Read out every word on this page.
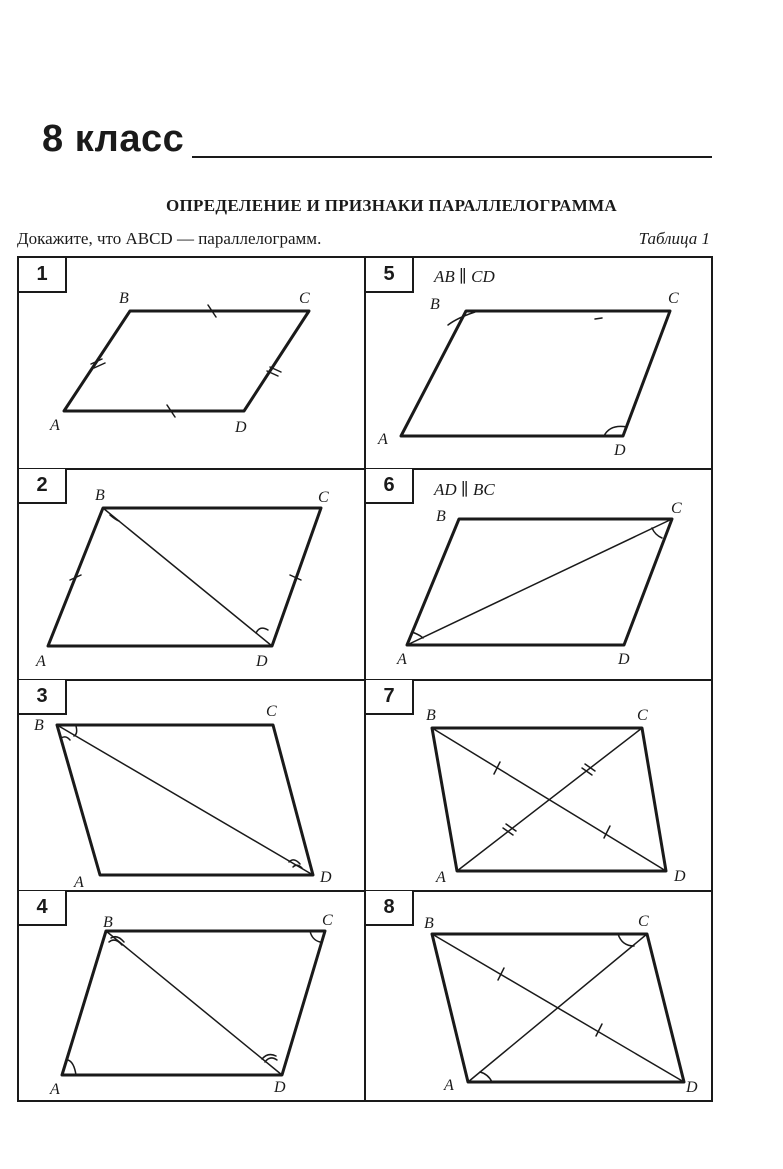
8 класс
ОПРЕДЕЛЕНИЕ И ПРИЗНАКИ ПАРАЛЛЕЛОГРАММА
Докажите, что ABCD — параллелограмм.	Таблица 1
1
2
3
4
5
6
7
8
AB ∥ CD
AD ∥ BC
B	C
A	D
B	C
A	D
B
C
A	D
B	C
A	D
B	C
A
D
B	C
A	D
B	C
A	D
B	C
A	D
